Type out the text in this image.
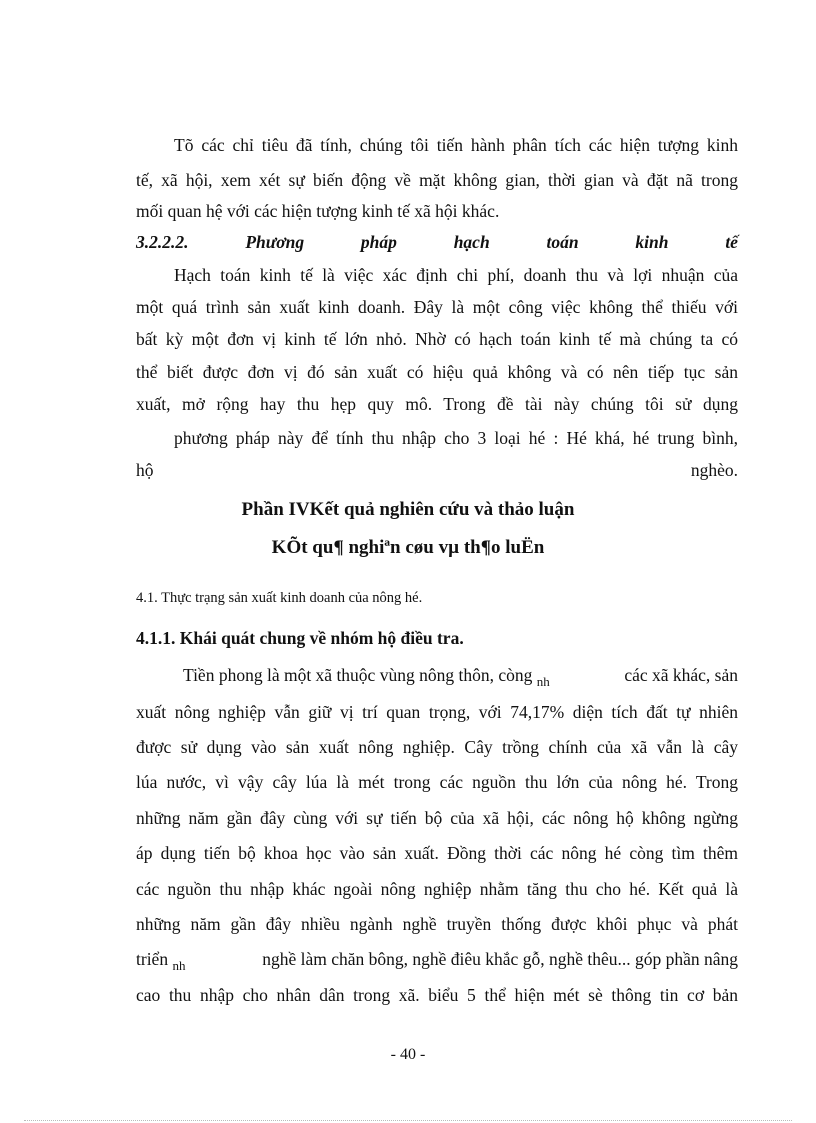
Tõ các chỉ tiêu đã tính, chúng tôi tiến hành phân tích các hiện tượng kinh
tế, xã hội, xem xét sự biến động về mặt không gian, thời gian và đặt nã trong
mối quan hệ với các hiện tượng kinh tế xã hội khác.
3.2.2.2.	Phương	pháp	hạch	toán	kinh	tế
Hạch toán kinh tế là việc xác định chi phí, doanh thu và lợi nhuận của
một quá trình sản xuất kinh doanh. Đây là một công việc không thể thiếu với
bất kỳ một đơn vị kinh tế lớn nhỏ. Nhờ có hạch toán kinh tế mà chúng ta có
thể biết được đơn vị đó sản xuất có hiệu quả không và có nên tiếp tục sản
xuất, mở rộng hay thu hẹp quy mô. Trong đề tài này chúng tôi sử dụng
phương pháp này để tính thu nhập cho 3 loại hé : Hé khá, hé trung bình,
hộ	nghèo.
Phần IVKết quả nghiên cứu và thảo luận
KÕt qu¶ nghiªn cøu vµ th¶o luËn
4.1. Thực trạng sản xuất kinh doanh của nông hé.
4.1.1. Khái quát chung về nhóm hộ điều tra.
Tiền phong là một xã thuộc vùng nông thôn, còng $_{nh}$	các xã khác, sản
xuất nông nghiệp vẫn giữ vị trí quan trọng, với 74,17% diện tích đất tự nhiên
được sử dụng vào sản xuất nông nghiệp. Cây trồng chính của xã vẫn là cây
lúa nước, vì vậy cây lúa là mét trong các nguồn thu lớn của nông hé. Trong
những năm gần đây cùng với sự tiến bộ của xã hội, các nông hộ không ngừng
áp dụng tiến bộ khoa học vào sản xuất. Đồng thời các nông hé còng tìm thêm
các nguồn thu nhập khác ngoài nông nghiệp nhằm tăng thu cho hé. Kết quả là
những năm gần đây nhiều ngành nghề truyền thống được khôi phục và phát
triển $_{nh}$	nghề làm chăn bông, nghề điêu khắc gỗ, nghề thêu... góp phần nâng
cao thu nhập cho nhân dân trong xã. biểu 5 thể hiện mét sè thông tin cơ bản
- 40 -
